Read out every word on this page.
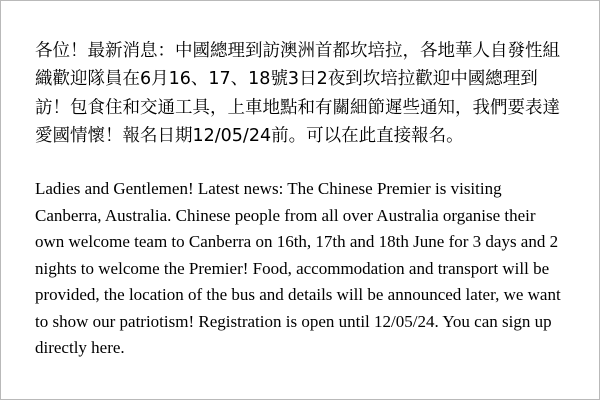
各位！最新消息：中國總理到訪澳洲首都坎培拉，各地華人自發性組織歡迎隊員在6月16、17、18號3日2夜到坎培拉歡迎中國總理到訪！包食住和交通工具，上車地點和有關細節遲些通知，我們要表達愛國情懷！報名日期12/05/24前。可以在此直接報名。

Ladies and Gentlemen! Latest news: The Chinese Premier is visiting Canberra, Australia. Chinese people from all over Australia organise their own welcome team to Canberra on 16th, 17th and 18th June for 3 days and 2 nights to welcome the Premier! Food, accommodation and transport will be provided, the location of the bus and details will be announced later, we want to show our patriotism! Registration is open until 12/05/24. You can sign up directly here.
